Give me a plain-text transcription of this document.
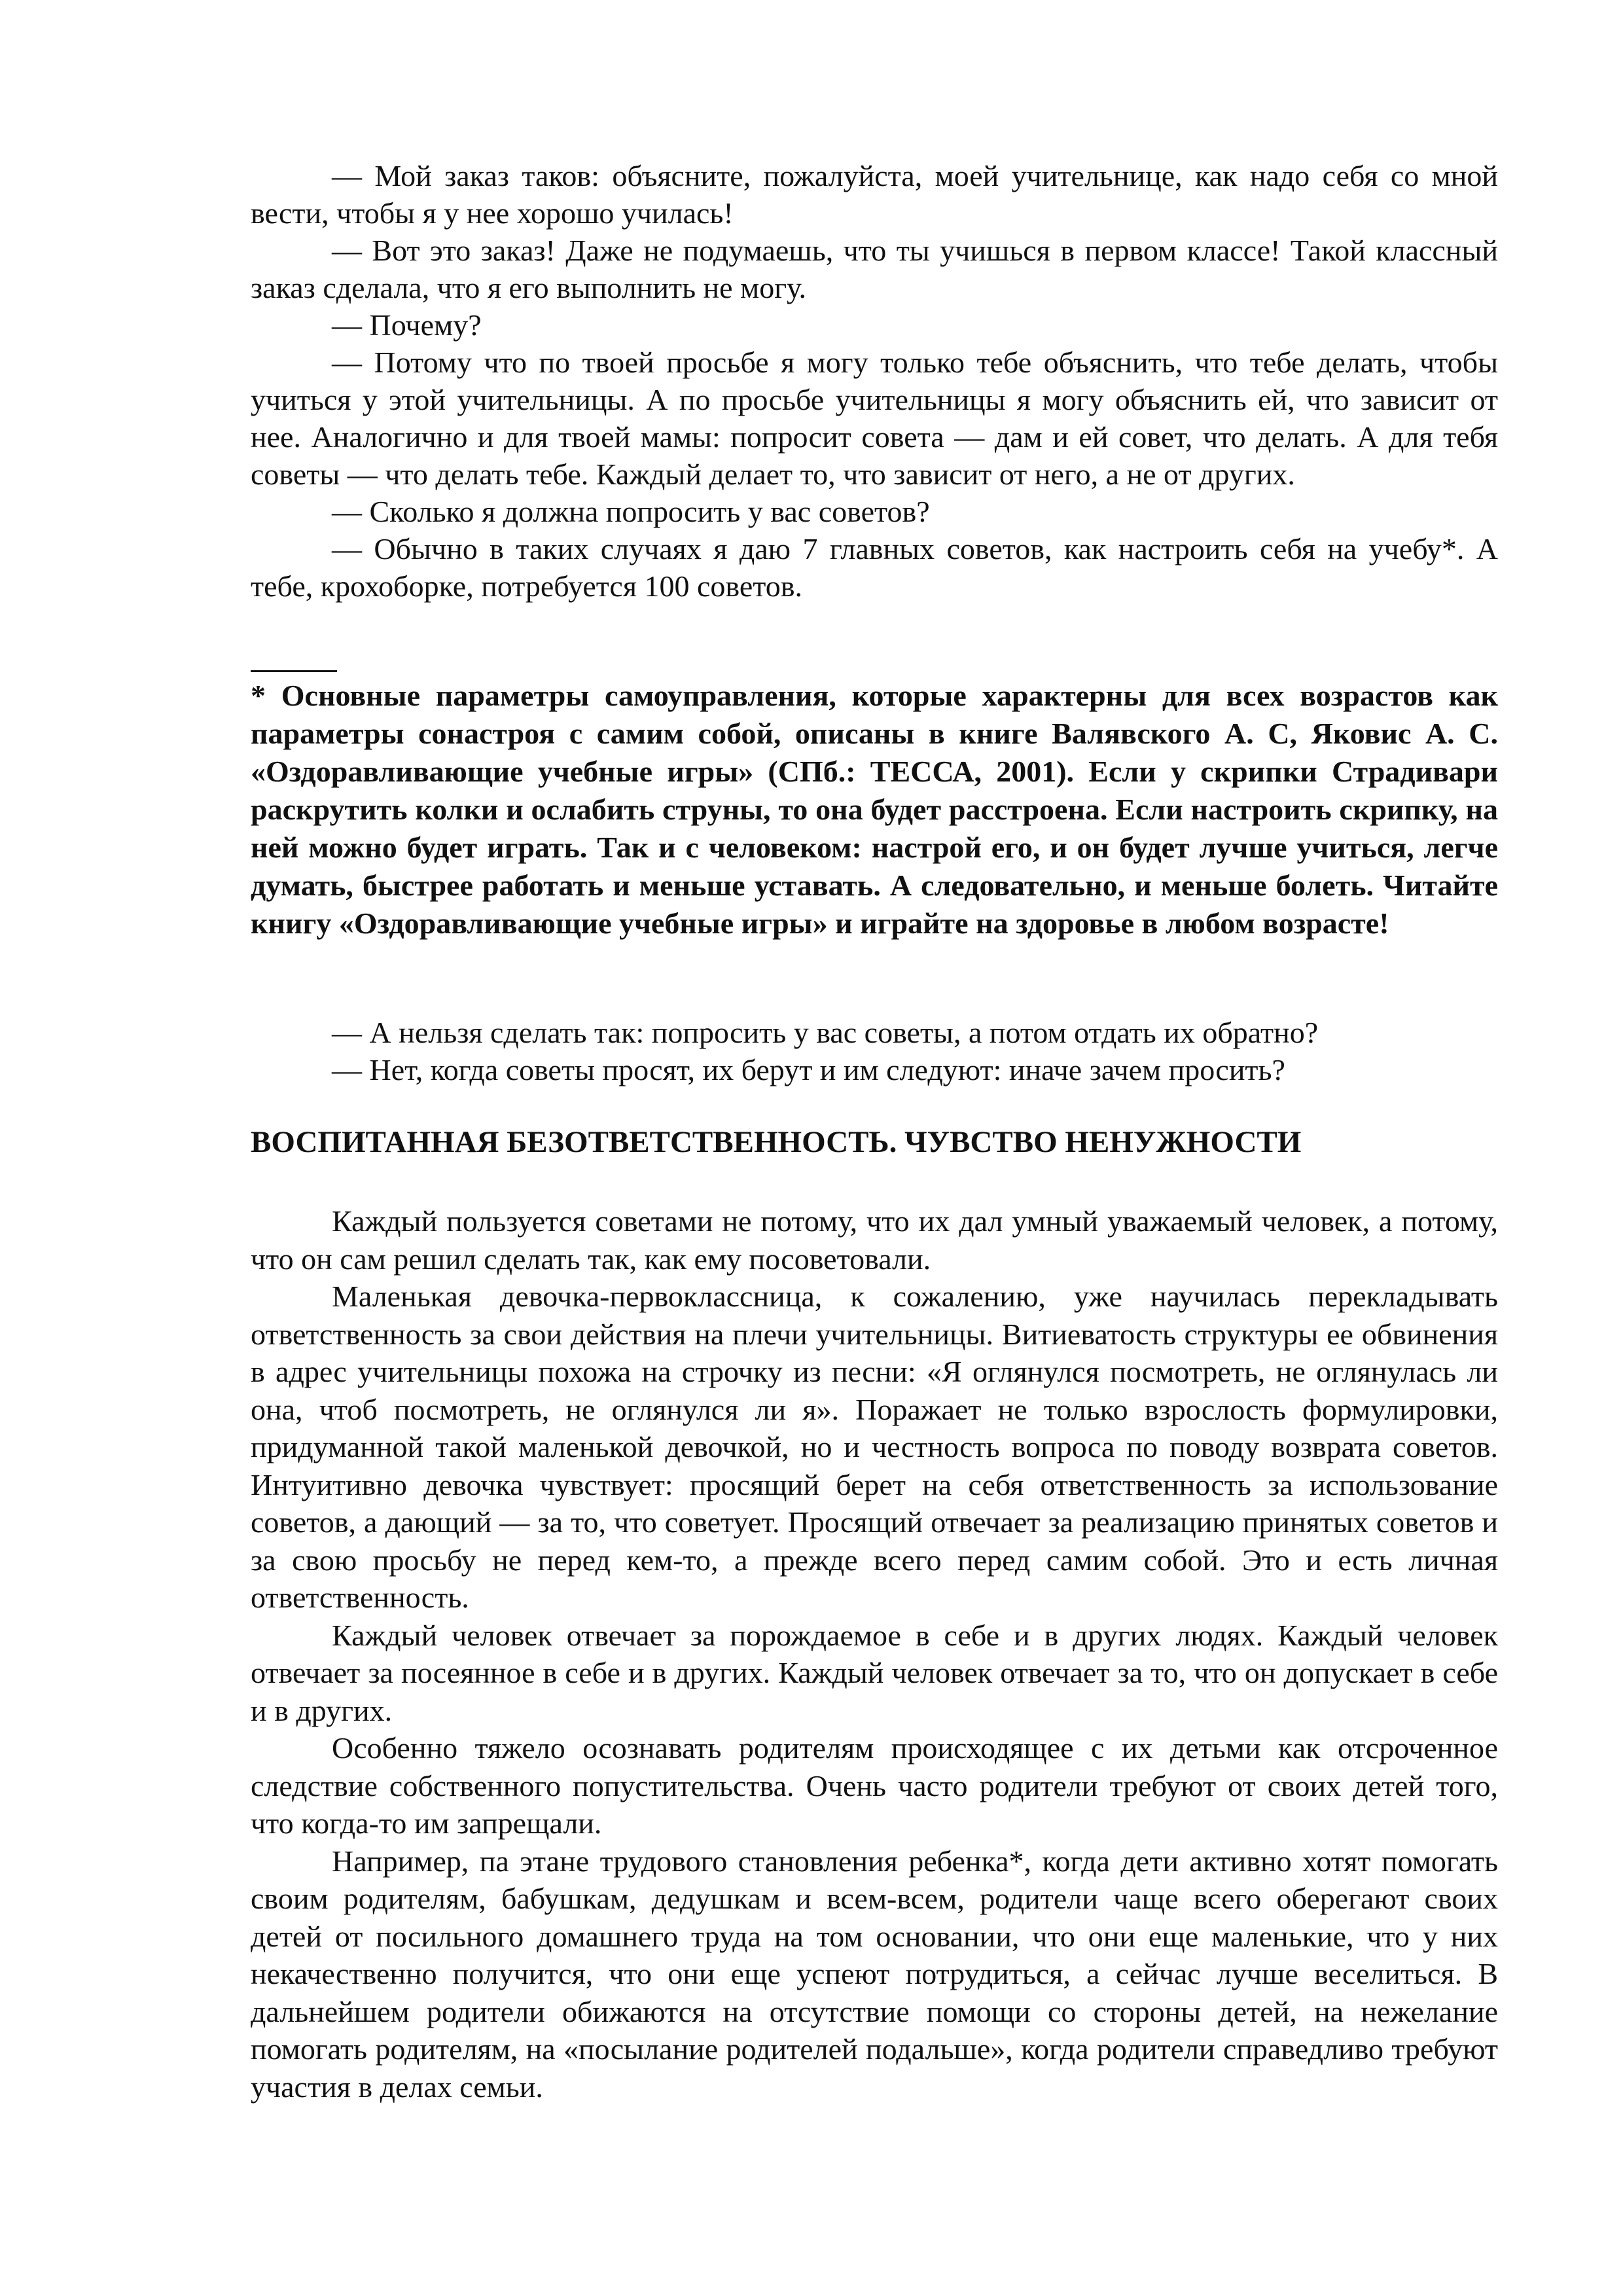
— Мой заказ таков: объясните, пожалуйста, моей учительнице, как надо себя со мной вести, чтобы я у нее хорошо училась!

— Вот это заказ! Даже не подумаешь, что ты учишься в первом классе! Такой классный заказ сделала, что я его выполнить не могу.

— Почему?

— Потому что по твоей просьбе я могу только тебе объяснить, что тебе делать, чтобы учиться у этой учительницы. А по просьбе учительницы я могу объяснить ей, что зависит от нее. Аналогично и для твоей мамы: попросит совета — дам и ей совет, что делать. А для тебя советы — что делать тебе. Каждый делает то, что зависит от него, а не от других.

— Сколько я должна попросить у вас советов?

— Обычно в таких случаях я даю 7 главных советов, как настроить себя на учебу*. А тебе, крохоборке, потребуется 100 советов.

* Основные параметры самоуправления, которые характерны для всех возрастов как параметры сонастроя с самим собой, описаны в книге Валявского А. С, Яковис А. С. «Оздоравливающие учебные игры» (СПб.: ТЕССА, 2001). Если у скрипки Страдивари раскрутить колки и ослабить струны, то она будет расстроена. Если настроить скрипку, на ней можно будет играть. Так и с человеком: настрой его, и он будет лучше учиться, легче думать, быстрее работать и меньше уставать. А следовательно, и меньше болеть. Читайте книгу «Оздоравливающие учебные игры» и играйте на здоровье в любом возрасте!

— А нельзя сделать так: попросить у вас советы, а потом отдать их обратно?

— Нет, когда советы просят, их берут и им следуют: иначе зачем просить?

ВОСПИТАННАЯ БЕЗОТВЕТСТВЕННОСТЬ. ЧУВСТВО НЕНУЖНОСТИ

Каждый пользуется советами не потому, что их дал умный уважаемый человек, а потому, что он сам решил сделать так, как ему посоветовали.

Маленькая девочка-первоклассница, к сожалению, уже научилась перекладывать ответственность за свои действия на плечи учительницы. Витиеватость структуры ее обвинения в адрес учительницы похожа на строчку из песни: «Я оглянулся посмотреть, не оглянулась ли она, чтоб посмотреть, не оглянулся ли я». Поражает не только взрослость формулировки, придуманной такой маленькой девочкой, но и честность вопроса по поводу возврата советов. Интуитивно девочка чувствует: просящий берет на себя ответственность за использование советов, а дающий — за то, что советует. Просящий отвечает за реализацию принятых советов и за свою просьбу не перед кем-то, а прежде всего перед самим собой. Это и есть личная ответственность.

Каждый человек отвечает за порождаемое в себе и в других людях. Каждый человек отвечает за посеянное в себе и в других. Каждый человек отвечает за то, что он допускает в себе и в других.

Особенно тяжело осознавать родителям происходящее с их детьми как отсроченное следствие собственного попустительства. Очень часто родители требуют от своих детей того, что когда-то им запрещали.

Например, па этане трудового становления ребенка*, когда дети активно хотят помогать своим родителям, бабушкам, дедушкам и всем-всем, родители чаще всего оберегают своих детей от посильного домашнего труда на том основании, что они еще маленькие, что у них некачественно получится, что они еще успеют потрудиться, а сейчас лучше веселиться. В дальнейшем родители обижаются на отсутствие помощи со стороны детей, на нежелание помогать родителям, на «посылание родителей подальше», когда родители справедливо требуют участия в делах семьи.
